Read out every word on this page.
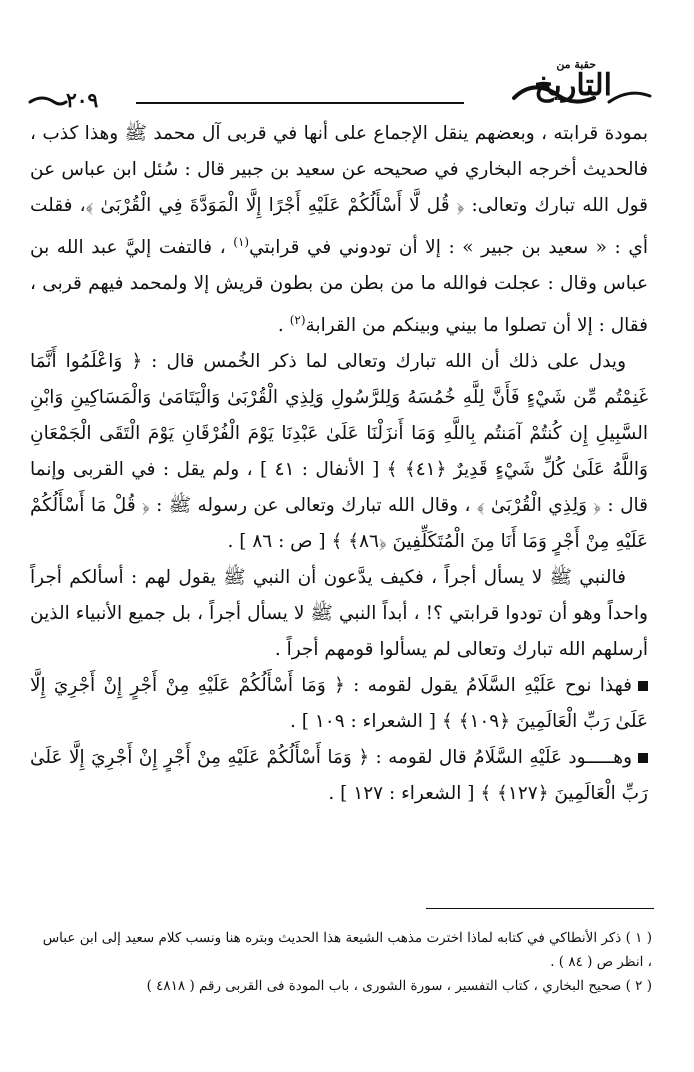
حقبة من
التاريخ
٢٠٩

بمودة قرابته ، وبعضهم ينقل الإجماع على أنها في قربى آل محمد ﷺ وهذا كذب ، فالحديث أخرجه البخاري في صحيحه عن سعيد بن جبير قال : سُئل ابن عباس عن قول الله تبارك وتعالى: ﴿ قُل لَّا أَسْأَلُكُمْ عَلَيْهِ أَجْرًا إِلَّا الْمَوَدَّةَ فِي الْقُرْبَىٰ ﴾، فقلت أي : « سعيد بن جبير » : إلا أن تودوني في قرابتي$^{(١)}$ ، فالتفت إليَّ عبد الله بن عباس وقال : عجلت فوالله ما من بطن من بطون قريش إلا ولمحمد فيهم قربى ، فقال : إلا أن تصلوا ما بيني وبينكم من القرابة$^{(٢)}$ .

ويدل على ذلك أن الله تبارك وتعالى لما ذكر الخُمس قال : ﴿ وَاعْلَمُوا أَنَّمَا غَنِمْتُم مِّن شَيْءٍ فَأَنَّ لِلَّهِ خُمُسَهُ وَلِلرَّسُولِ وَلِذِي الْقُرْبَىٰ وَالْيَتَامَىٰ وَالْمَسَاكِينِ وَابْنِ السَّبِيلِ إِن كُنتُمْ آمَنتُم بِاللَّهِ وَمَا أَنزَلْنَا عَلَىٰ عَبْدِنَا يَوْمَ الْفُرْقَانِ يَوْمَ الْتَقَى الْجَمْعَانِ وَاللَّهُ عَلَىٰ كُلِّ شَيْءٍ قَدِيرٌ ﴿٤١﴾ ﴾ [ الأنفال : ٤١ ] ، ولم يقل : في القربى وإنما قال : ﴿ وَلِذِي الْقُرْبَىٰ ﴾ ، وقال الله تبارك وتعالى عن رسوله ﷺ : ﴿ قُلْ مَا أَسْأَلُكُمْ عَلَيْهِ مِنْ أَجْرٍ وَمَا أَنَا مِنَ الْمُتَكَلِّفِينَ ﴿٨٦﴾ ﴾ [ ص : ٨٦ ] .

فالنبي ﷺ لا يسأل أجراً ، فكيف يدَّعون أن النبي ﷺ يقول لهم : أسألكم أجراً واحداً وهو أن تودوا قرابتي ؟! ، أبداً النبي ﷺ لا يسأل أجراً ، بل جميع الأنبياء الذين أرسلهم الله تبارك وتعالى لم يسألوا قومهم أجراً .

فهذا نوح عَلَيْهِ السَّلَامُ يقول لقومه : ﴿ وَمَا أَسْأَلُكُمْ عَلَيْهِ مِنْ أَجْرٍ إِنْ أَجْرِيَ إِلَّا عَلَىٰ رَبِّ الْعَالَمِينَ ﴿١٠٩﴾ ﴾ [ الشعراء : ١٠٩ ] .

وهـــــود عَلَيْهِ السَّلَامُ قال لقومه : ﴿ وَمَا أَسْأَلُكُمْ عَلَيْهِ مِنْ أَجْرٍ إِنْ أَجْرِيَ إِلَّا عَلَىٰ رَبِّ الْعَالَمِينَ ﴿١٢٧﴾ ﴾ [ الشعراء : ١٢٧ ] .

( ١ ) ذكر الأنطاكي في كتابه لماذا اخترت مذهب الشيعة هذا الحديث وبتره هنا ونسب كلام سعيد إلى ابن عباس ، انظر ص ( ٨٤ ) .

( ٢ ) صحيح البخاري ، كتاب التفسير ، سورة الشورى ، باب المودة فى القربى رقم ( ٤٨١٨ )
